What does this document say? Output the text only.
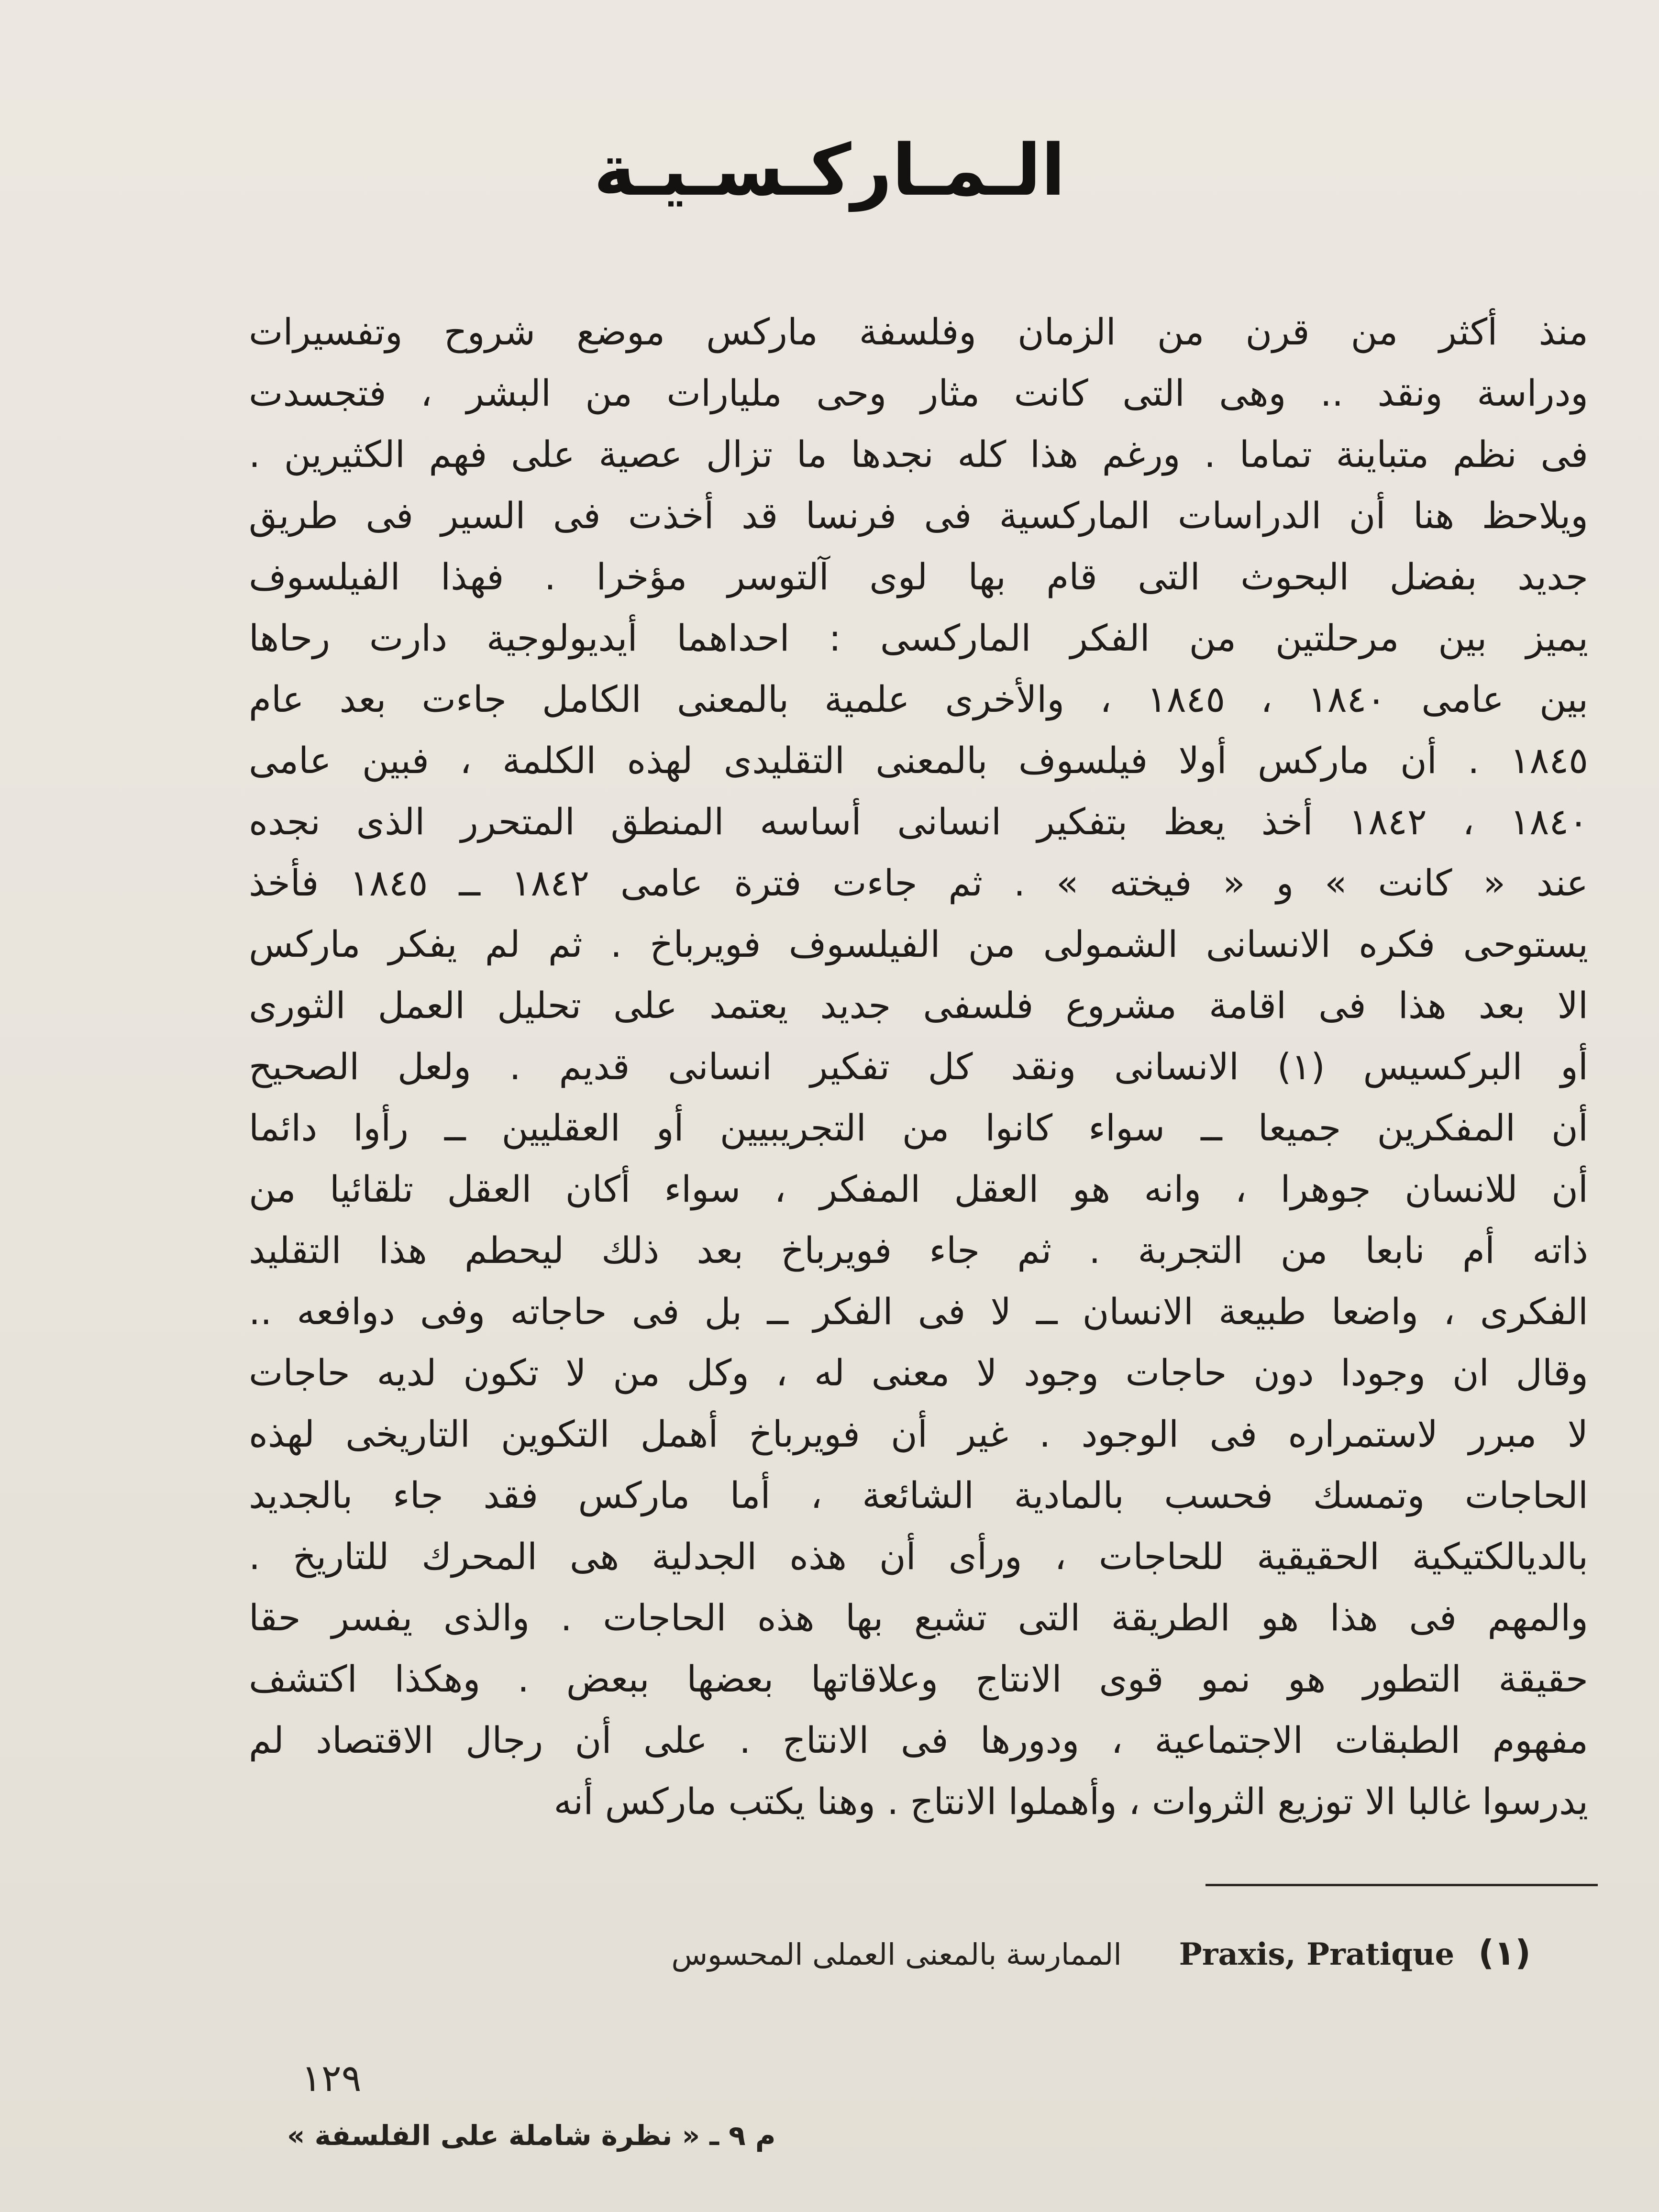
الـمـاركـسـيـة
منذ أكثر من قرن من الزمان وفلسفة ماركس موضع شروح وتفسيرات
ودراسة ونقد .. وهى التى كانت مثار وحى مليارات من البشر ، فتجسدت
فى نظم متباينة تماما . ورغم هذا كله نجدها ما تزال عصية على فهم الكثيرين .
ويلاحظ هنا أن الدراسات الماركسية فى فرنسا قد أخذت فى السير فى طريق
جديد بفضل البحوث التى قام بها لوى آلتوسر مؤخرا . فهذا الفيلسوف
يميز بين مرحلتين من الفكر الماركسى : احداهما أيديولوجية دارت رحاها
بين عامى ١٨٤٠ ، ١٨٤٥ ، والأخرى علمية بالمعنى الكامل جاءت بعد عام
١٨٤٥ . أن ماركس أولا فيلسوف بالمعنى التقليدى لهذه الكلمة ، فبين عامى
١٨٤٠ ، ١٨٤٢ أخذ يعظ بتفكير انسانى أساسه المنطق المتحرر الذى نجده
عند « كانت » و « فيخته » . ثم جاءت فترة عامى ١٨٤٢ ــ ١٨٤٥ فأخذ
يستوحى فكره الانسانى الشمولى من الفيلسوف فويرباخ . ثم لم يفكر ماركس
الا بعد هذا فى اقامة مشروع فلسفى جديد يعتمد على تحليل العمل الثورى
أو البركسيس (١) الانسانى ونقد كل تفكير انسانى قديم . ولعل الصحيح
أن المفكرين جميعا ــ سواء كانوا من التجريبيين أو العقليين ــ رأوا دائما
أن للانسان جوهرا ، وانه هو العقل المفكر ، سواء أكان العقل تلقائيا من
ذاته أم نابعا من التجربة . ثم جاء فويرباخ بعد ذلك ليحطم هذا التقليد
الفكرى ، واضعا طبيعة الانسان ــ لا فى الفكر ــ بل فى حاجاته وفى دوافعه ..
وقال ان وجودا دون حاجات وجود لا معنى له ، وكل من لا تكون لديه حاجات
لا مبرر لاستمراره فى الوجود . غير أن فويرباخ أهمل التكوين التاريخى لهذه
الحاجات وتمسك فحسب بالمادية الشائعة ، أما ماركس فقد جاء بالجديد
بالديالكتيكية الحقيقية للحاجات ، ورأى أن هذه الجدلية هى المحرك للتاريخ .
والمهم فى هذا هو الطريقة التى تشبع بها هذه الحاجات . والذى يفسر حقا
حقيقة التطور هو نمو قوى الانتاج وعلاقاتها بعضها ببعض . وهكذا اكتشف
مفهوم الطبقات الاجتماعية ، ودورها فى الانتاج . على أن رجال الاقتصاد لم
يدرسوا غالبا الا توزيع الثروات ، وأهملوا الانتاج . وهنا يكتب ماركس أنه
(١)
Praxis, Pratique
الممارسة بالمعنى العملى المحسوس
١٢٩
م ٩ ـ « نظرة شاملة على الفلسفة »
